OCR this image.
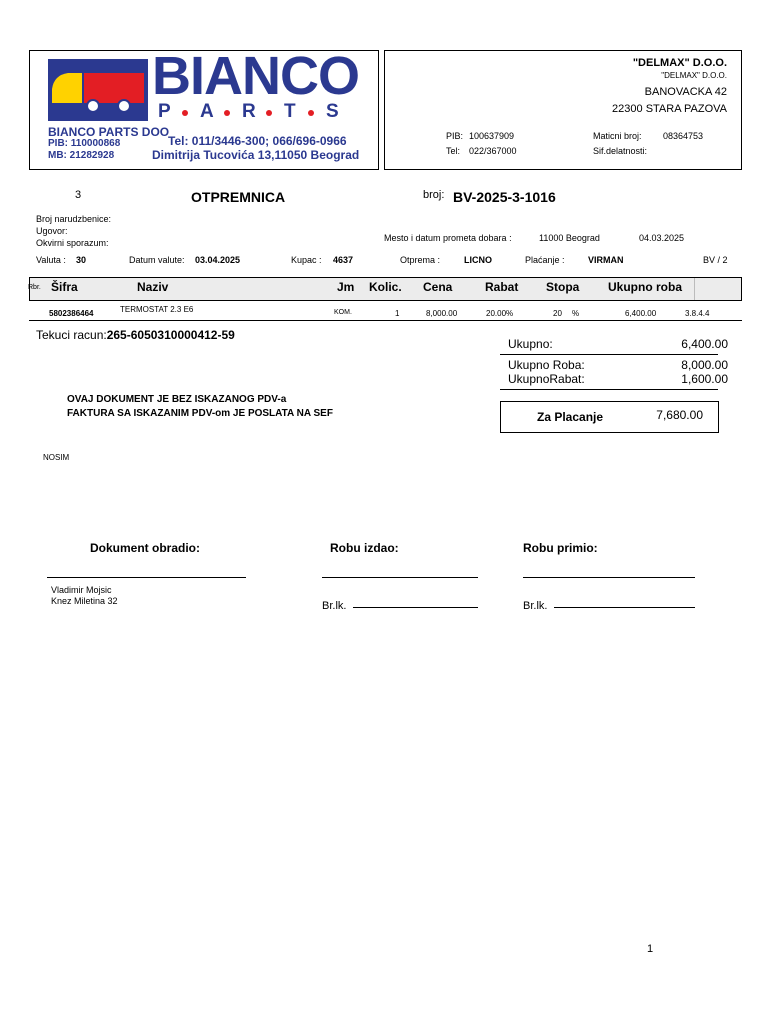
BIANCO
P A R T S
BIANCO PARTS DOO
PIB: 110000868
MB: 21282928
Tel: 011/3446-300; 066/696-0966
Dimitrija Tucovića 13,11050 Beograd
"DELMAX" D.O.O.
"DELMAX" D.O.O.
BANOVACKA 42
22300 STARA PAZOVA
PIB: 100637909
Tel: 022/367000
Maticni broj: 08364753
Sif.delatnosti:
3	OTPREMNICA	broj: BV-2025-3-1016
Broj narudzbenice:
Ugovor:
Okvirni sporazum:	Mesto i datum prometa dobara :	11000 Beograd	04.03.2025
Valuta : 30	Datum valute: 03.04.2025	Kupac : 4637	Otprema :	LICNO	Plaćanje :	VIRMAN	BV / 2
Rbr. Šifra	Naziv	Jm Kolic. Cena	Rabat Stopa Ukupno roba
5802386464	TERMOSTAT 2.3 E6	KOM.	1	8,000.00	20.00%	20 %	6,400.00	3.8.4.4
Tekuci racun:265-6050310000412-59
Ukupno:	6,400.00
Ukupno Roba:	8,000.00
UkupnoRabat:	1,600.00
Za Placanje	7,680.00
OVAJ DOKUMENT JE BEZ ISKAZANOG PDV-a
FAKTURA SA ISKAZANIM PDV-om JE POSLATA NA SEF
NOSIM
Dokument obradio:	Robu izdao:	Robu primio:
Vladimir Mojsic
Knez Miletina 32	Br.lk.	Br.lk.
1
